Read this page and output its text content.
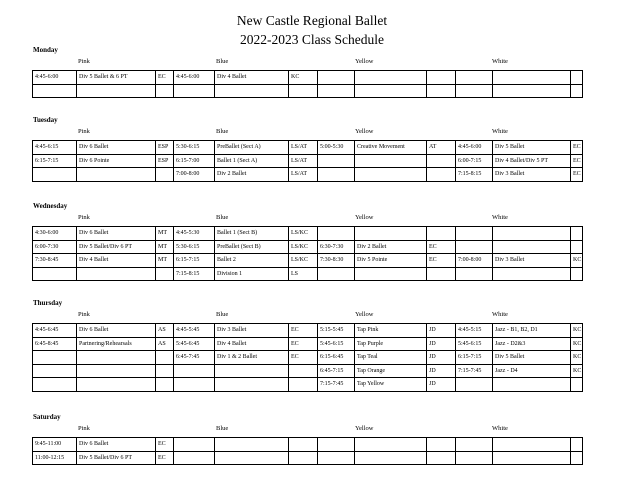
New Castle Regional Ballet
2022-2023 Class Schedule
Monday
Pink	Blue	Yellow	White
4:45-6:00	Div 5 Ballet & 6 PT	EC	4:45-6:00	Div 4 Ballet	KC						

Tuesday
Pink	Blue	Yellow	White
4:45-6:15	Div 6 Ballet	ESP	5:30-6:15	PreBallet (Sect A)	LS/AT	5:00-5:30	Creative Movement	AT	4:45-6:00	Div 5 Ballet	EC
6:15-7:15	Div 6 Pointe	ESP	6:15-7:00	Ballet 1 (Sect A)	LS/AT				6:00-7:15	Div 4 Ballet/Div 5 PT	EC
			7:00-8:00	Div 2 Ballet	LS/AT				7:15-8:15	Div 3 Ballet	EC
Wednesday
Pink	Blue	Yellow	White
4:30-6:00	Div 6 Ballet	MT	4:45-5:30	Ballet 1 (Sect B)	LS/KC						
6:00-7:30	Div 5 Ballet/Div 6 PT	MT	5:30-6:15	PreBallet (Sect B)	LS/KC	6:30-7:30	Div 2 Ballet	EC			
7:30-8:45	Div 4 Ballet	MT	6:15-7:15	Ballet 2	LS/KC	7:30-8:30	Div 5 Pointe	EC	7:00-8:00	Div 3 Ballet	KC
			7:15-8:15	Division 1	LS						
Thursday
Pink	Blue	Yellow	White
4:45-6:45	Div 6 Ballet	AS	4:45-5:45	Div 3 Ballet	EC	5:15-5:45	Tap Pink	JD	4:45-5:15	Jazz - B1, B2, D1	KC
6:45-8:45	Partnering/Rehearsals	AS	5:45-6:45	Div 4 Ballet	EC	5:45-6:15	Tap Purple	JD	5:45-6:15	Jazz - D2&3	KC
			6:45-7:45	Div 1 & 2 Ballet	EC	6:15-6:45	Tap Teal	JD	6:15-7:15	Div 5 Ballet	KC
						6:45-7:15	Tap Orange	JD	7:15-7:45	Jazz - D4	KC
						7:15-7:45	Tap Yellow	JD			
Saturday
Pink	Blue	Yellow	White
9:45-11:00	Div 6 Ballet	EC									
11:00-12:15	Div 5 Ballet/Div 6 PT	EC									
